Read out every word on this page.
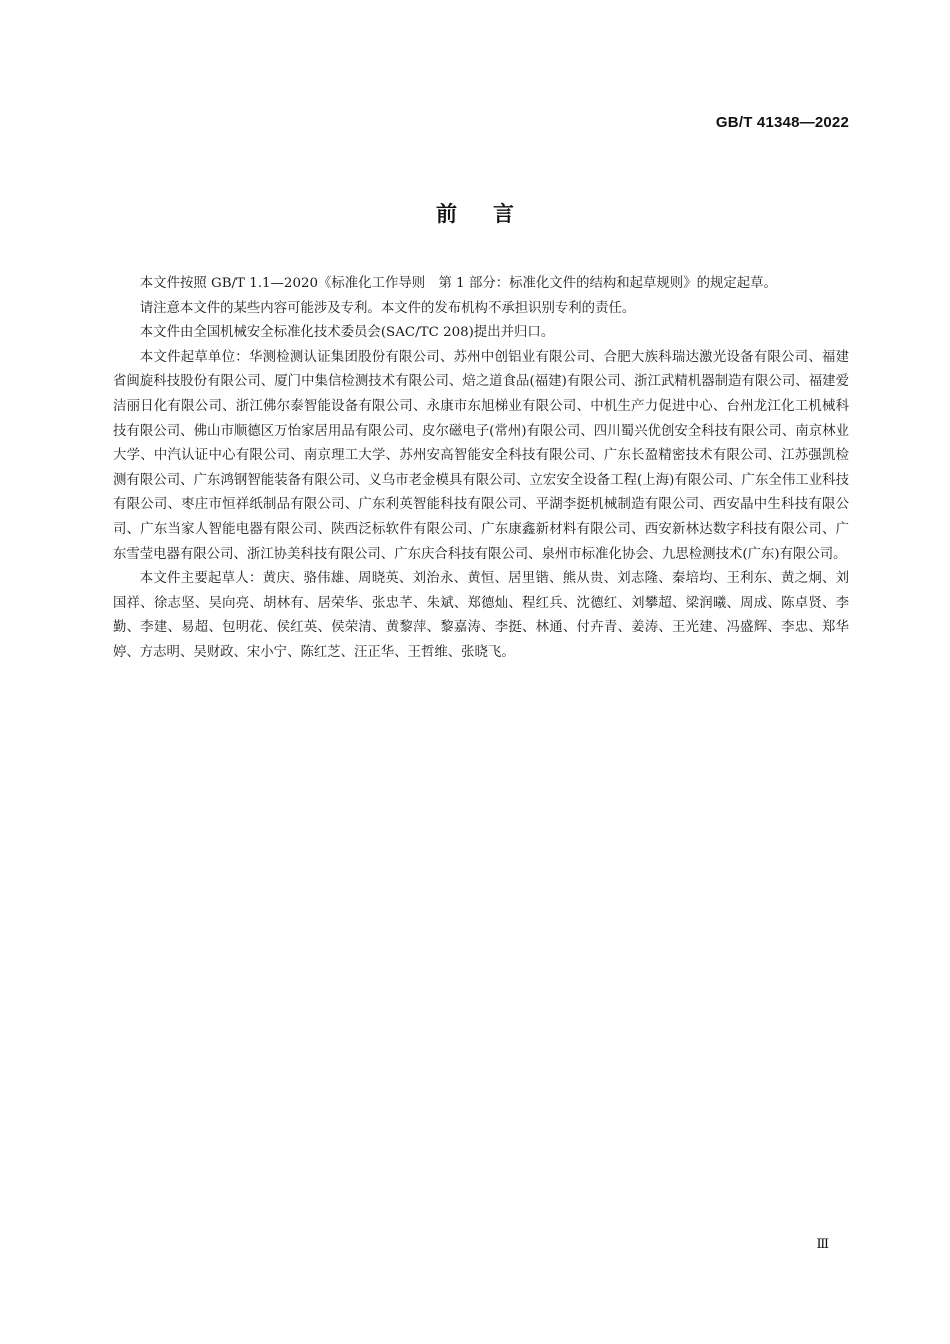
GB/T 41348—2022
前言

本文件按照 GB/T 1.1—2020《标准化工作导则　第 1 部分：标准化文件的结构和起草规则》的规定起草。

请注意本文件的某些内容可能涉及专利。本文件的发布机构不承担识别专利的责任。

本文件由全国机械安全标准化技术委员会(SAC/TC 208)提出并归口。

本文件起草单位：华测检测认证集团股份有限公司、苏州中创铝业有限公司、合肥大族科瑞达激光设备有限公司、福建省闽旋科技股份有限公司、厦门中集信检测技术有限公司、焙之道食品(福建)有限公司、浙江武精机器制造有限公司、福建爱洁丽日化有限公司、浙江佛尔泰智能设备有限公司、永康市东旭梯业有限公司、中机生产力促进中心、台州龙江化工机械科技有限公司、佛山市顺德区万怡家居用品有限公司、皮尔磁电子(常州)有限公司、四川蜀兴优创安全科技有限公司、南京林业大学、中汽认证中心有限公司、南京理工大学、苏州安高智能安全科技有限公司、广东长盈精密技术有限公司、江苏强凯检测有限公司、广东鸿钢智能装备有限公司、义乌市老金模具有限公司、立宏安全设备工程(上海)有限公司、广东全伟工业科技有限公司、枣庄市恒祥纸制品有限公司、广东利英智能科技有限公司、平湖李挺机械制造有限公司、西安晶中生科技有限公司、广东当家人智能电器有限公司、陕西泛标软件有限公司、广东康鑫新材料有限公司、西安新林达数字科技有限公司、广东雪莹电器有限公司、浙江协美科技有限公司、广东庆合科技有限公司、泉州市标准化协会、九思检测技术(广东)有限公司。

本文件主要起草人：黄庆、骆伟雄、周晓英、刘治永、黄恒、居里锴、熊从贵、刘志隆、秦培均、王利东、黄之炯、刘国祥、徐志坚、吴向亮、胡林有、居荣华、张忠芊、朱斌、郑德灿、程红兵、沈德红、刘攀超、梁润曦、周成、陈卓贤、李勤、李建、易超、包明花、侯红英、侯荣清、黄黎萍、黎嘉涛、李挺、林通、付卉青、姜涛、王光建、冯盛辉、李忠、郑华婷、方志明、吴财政、宋小宁、陈红芝、汪正华、王哲维、张晓飞。

Ⅲ
